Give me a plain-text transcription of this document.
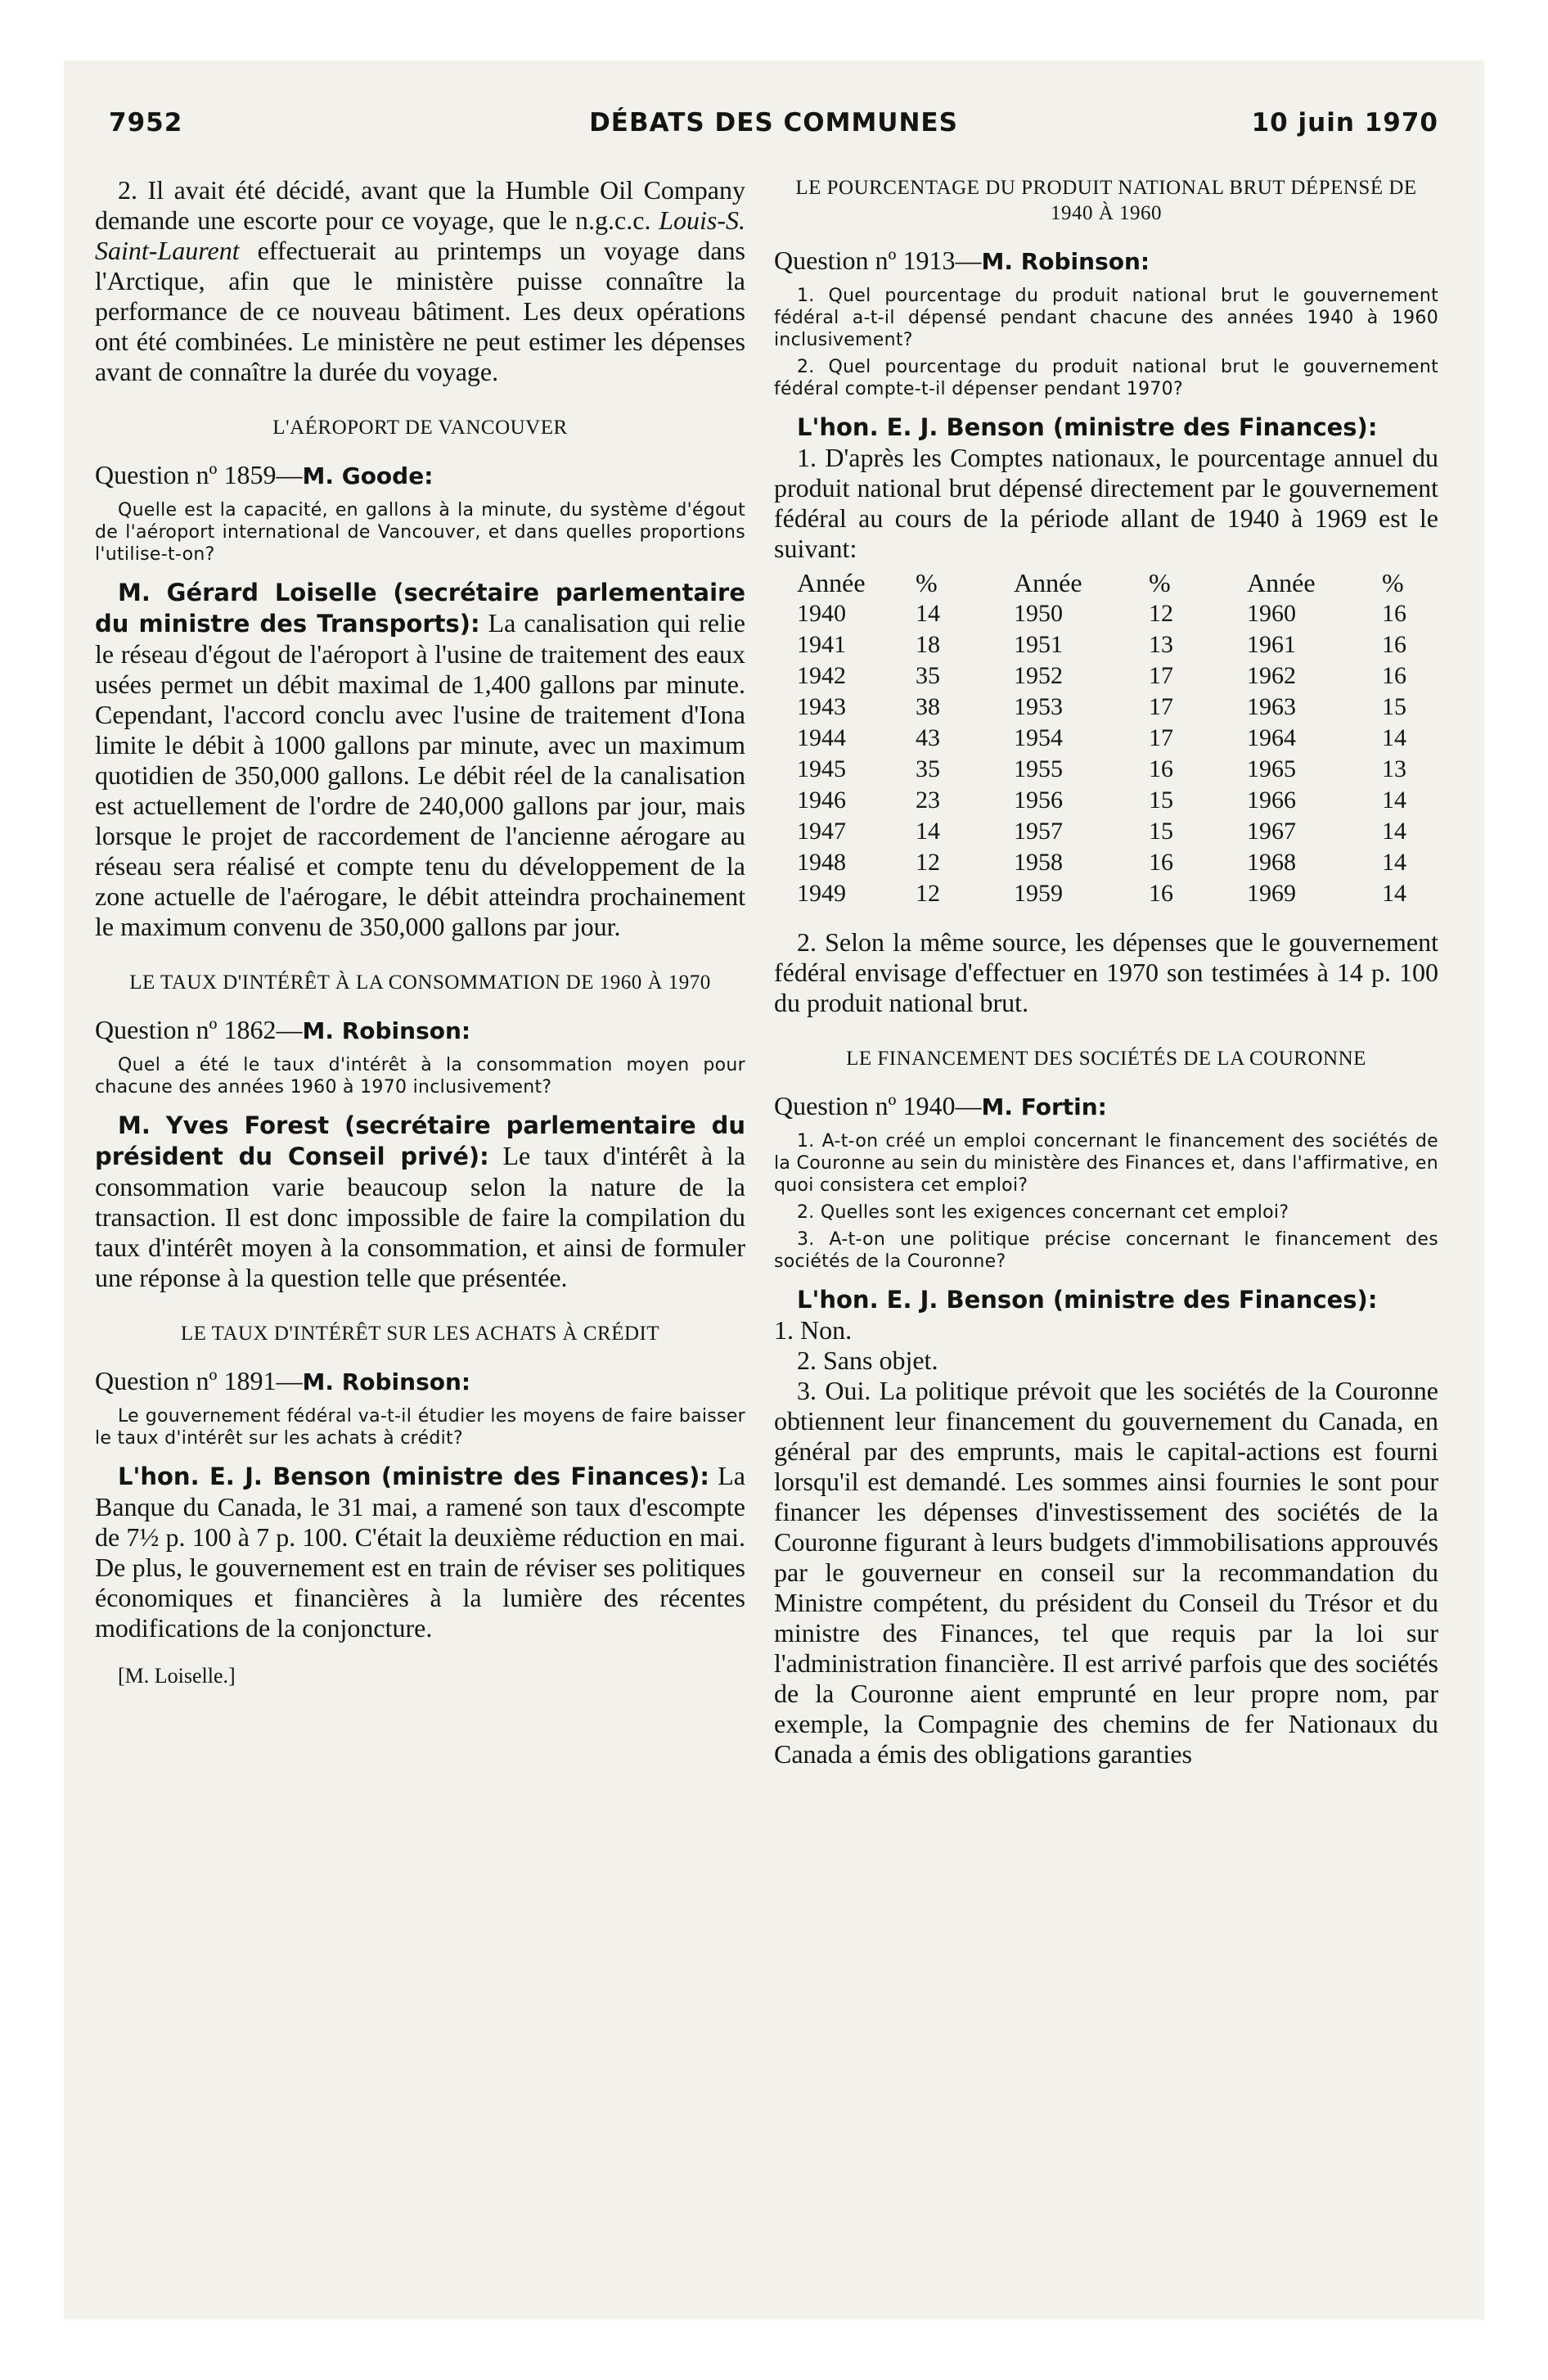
7952	DÉBATS DES COMMUNES	10 juin 1970

2. Il avait été décidé, avant que la Humble Oil Company demande une escorte pour ce voyage, que le n.g.c.c. Louis-S. Saint-Laurent effectuerait au printemps un voyage dans l'Arctique, afin que le ministère puisse connaître la performance de ce nouveau bâtiment. Les deux opérations ont été combinées. Le ministère ne peut estimer les dépenses avant de connaître la durée du voyage.

L'AÉROPORT DE VANCOUVER
Question nº 1859—M. Goode:
Quelle est la capacité, en gallons à la minute, du système d'égout de l'aéroport international de Vancouver, et dans quelles proportions l'utilise-t-on?

M. Gérard Loiselle (secrétaire parlementaire du ministre des Transports): La canalisation qui relie le réseau d'égout de l'aéroport à l'usine de traitement des eaux usées permet un débit maximal de 1,400 gallons par minute. Cependant, l'accord conclu avec l'usine de traitement d'Iona limite le débit à 1000 gallons par minute, avec un maximum quotidien de 350,000 gallons. Le débit réel de la canalisation est actuellement de l'ordre de 240,000 gallons par jour, mais lorsque le projet de raccordement de l'ancienne aérogare au réseau sera réalisé et compte tenu du développement de la zone actuelle de l'aérogare, le débit atteindra prochainement le maximum convenu de 350,000 gallons par jour.

LE TAUX D'INTÉRÊT À LA CONSOMMATION DE 1960 À 1970
Question nº 1862—M. Robinson:
Quel a été le taux d'intérêt à la consommation moyen pour chacune des années 1960 à 1970 inclusivement?

M. Yves Forest (secrétaire parlementaire du président du Conseil privé): Le taux d'intérêt à la consommation varie beaucoup selon la nature de la transaction. Il est donc impossible de faire la compilation du taux d'intérêt moyen à la consommation, et ainsi de formuler une réponse à la question telle que présentée.

LE TAUX D'INTÉRÊT SUR LES ACHATS À CRÉDIT
Question nº 1891—M. Robinson:
Le gouvernement fédéral va-t-il étudier les moyens de faire baisser le taux d'intérêt sur les achats à crédit?

L'hon. E. J. Benson (ministre des Finances): La Banque du Canada, le 31 mai, a ramené son taux d'escompte de 7½ p. 100 à 7 p. 100. C'était la deuxième réduction en mai. De plus, le gouvernement est en train de réviser ses politiques économiques et financières à la lumière des récentes modifications de la conjoncture.

[M. Loiselle.]
LE POURCENTAGE DU PRODUIT NATIONAL BRUT DÉPENSÉ DE 1940 À 1960
Question nº 1913—M. Robinson:
1. Quel pourcentage du produit national brut le gouvernement fédéral a-t-il dépensé pendant chacune des années 1940 à 1960 inclusivement?
2. Quel pourcentage du produit national brut le gouvernement fédéral compte-t-il dépenser pendant 1970?

L'hon. E. J. Benson (ministre des Finances):

1. D'après les Comptes nationaux, le pourcentage annuel du produit national brut dépensé directement par le gouvernement fédéral au cours de la période allant de 1940 à 1969 est le suivant:

Année	%	Année	%	Année	%
1940	14	1950	12	1960	16
1941	18	1951	13	1961	16
1942	35	1952	17	1962	16
1943	38	1953	17	1963	15
1944	43	1954	17	1964	14
1945	35	1955	16	1965	13
1946	23	1956	15	1966	14
1947	14	1957	15	1967	14
1948	12	1958	16	1968	14
1949	12	1959	16	1969	14

2. Selon la même source, les dépenses que le gouvernement fédéral envisage d'effectuer en 1970 son testimées à 14 p. 100 du produit national brut.

LE FINANCEMENT DES SOCIÉTÉS DE LA COURONNE
Question nº 1940—M. Fortin:
1. A-t-on créé un emploi concernant le financement des sociétés de la Couronne au sein du ministère des Finances et, dans l'affirmative, en quoi consistera cet emploi?
2. Quelles sont les exigences concernant cet emploi?
3. A-t-on une politique précise concernant le financement des sociétés de la Couronne?

L'hon. E. J. Benson (ministre des Finances):

1. Non.

2. Sans objet.

3. Oui. La politique prévoit que les sociétés de la Couronne obtiennent leur financement du gouvernement du Canada, en général par des emprunts, mais le capital-actions est fourni lorsqu'il est demandé. Les sommes ainsi fournies le sont pour financer les dépenses d'investissement des sociétés de la Couronne figurant à leurs budgets d'immobilisations approuvés par le gouverneur en conseil sur la recommandation du Ministre compétent, du président du Conseil du Trésor et du ministre des Finances, tel que requis par la loi sur l'administration financière. Il est arrivé parfois que des sociétés de la Couronne aient emprunté en leur propre nom, par exemple, la Compagnie des chemins de fer Nationaux du Canada a émis des obligations garanties
